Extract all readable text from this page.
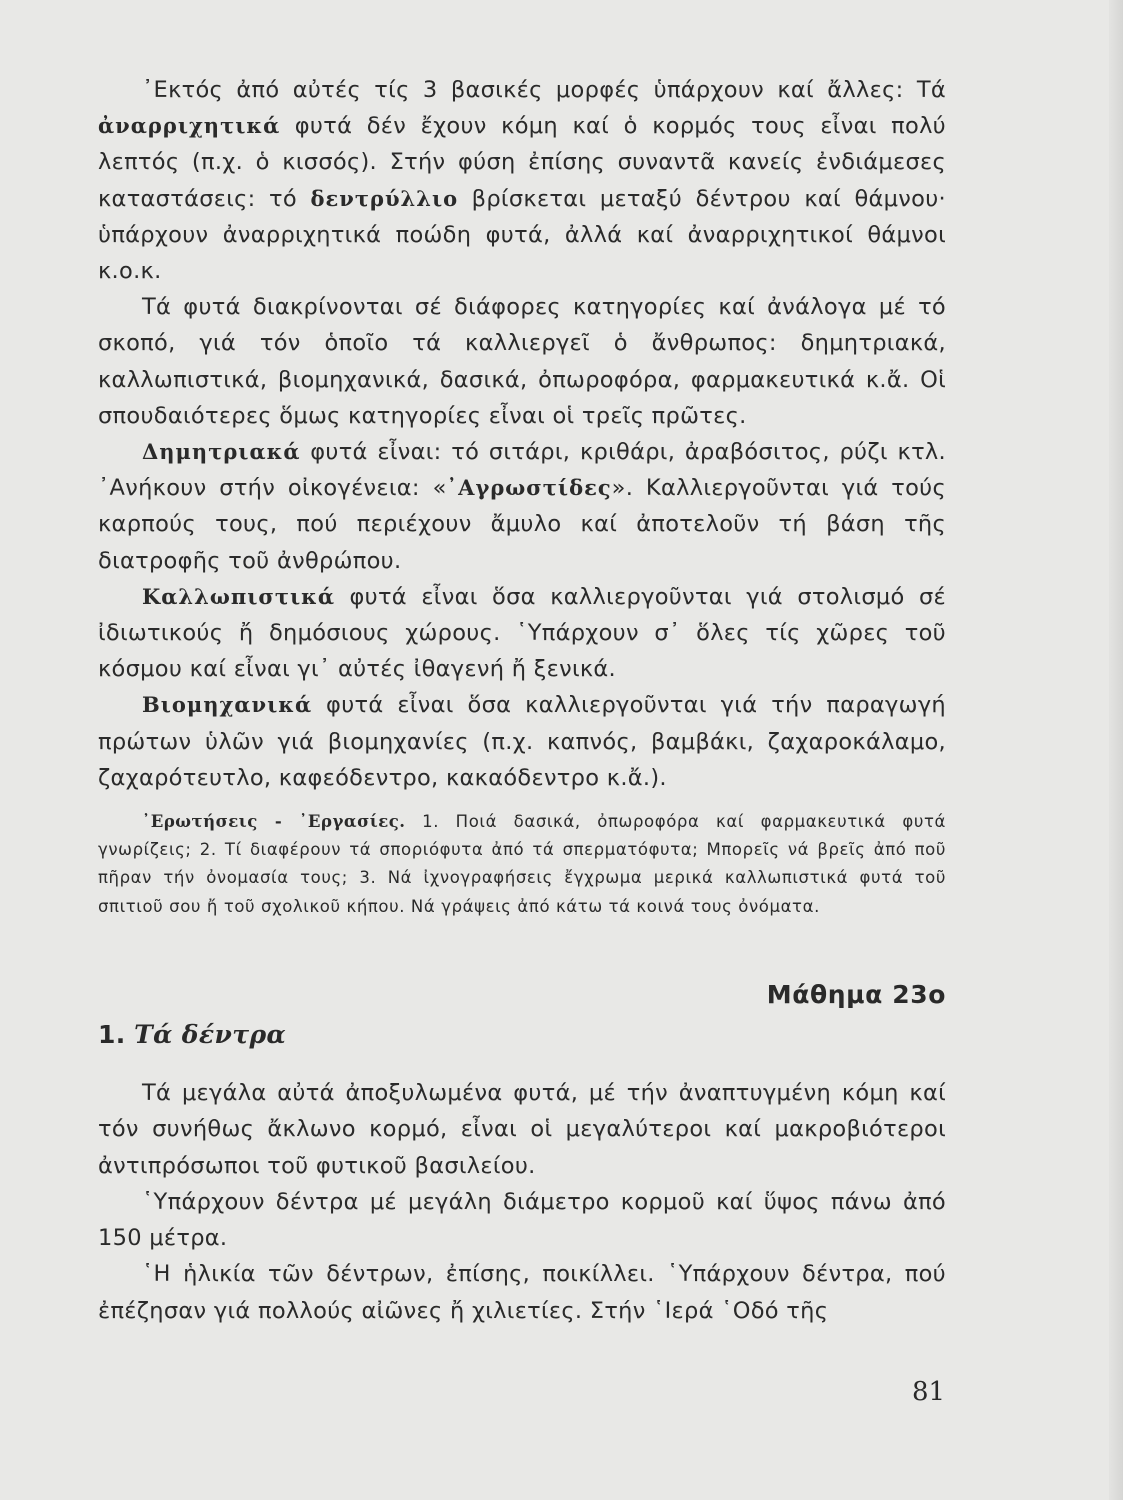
᾿Εκτός ἀπό αὐτές τίς 3 βασικές μορφές ὑπάρχουν καί ἄλλες: Τά ἀναρριχητικά φυτά δέν ἔχουν κόμη καί ὁ κορμός τους εἶναι πολύ λεπτός (π.χ. ὁ κισσός). Στήν φύση ἐπίσης συναντᾶ κανείς ἐνδιάμεσες καταστάσεις: τό δεντρύλλιο βρίσκεται μεταξύ δέντρου καί θάμνου· ὑπάρχουν ἀναρριχητικά ποώδη φυτά, ἀλλά καί ἀναρριχητικοί θάμνοι κ.ο.κ.

Τά φυτά διακρίνονται σέ διάφορες κατηγορίες καί ἀνάλογα μέ τό σκοπό, γιά τόν ὁποῖο τά καλλιεργεῖ ὁ ἄνθρωπος: δημητριακά, καλλωπιστικά, βιομηχανικά, δασικά, ὀπωροφόρα, φαρμακευτικά κ.ἄ. Οἱ σπουδαιότερες ὅμως κατηγορίες εἶναι οἱ τρεῖς πρῶτες.

Δημητριακά φυτά εἶναι: τό σιτάρι, κριθάρι, ἀραβόσιτος, ρύζι κτλ. ᾿Ανήκουν στήν οἰκογένεια: «᾿Αγρωστίδες». Καλλιεργοῦνται γιά τούς καρπούς τους, πού περιέχουν ἄμυλο καί ἀποτελοῦν τή βάση τῆς διατροφῆς τοῦ ἀνθρώπου.

Καλλωπιστικά φυτά εἶναι ὅσα καλλιεργοῦνται γιά στολισμό σέ ἰδιωτικούς ἤ δημόσιους χώρους. ῾Υπάρχουν σ᾿ ὅλες τίς χῶρες τοῦ κόσμου καί εἶναι γι᾿ αὐτές ἰθαγενή ἤ ξενικά.

Βιομηχανικά φυτά εἶναι ὅσα καλλιεργοῦνται γιά τήν παραγωγή πρώτων ὑλῶν γιά βιομηχανίες (π.χ. καπνός, βαμβάκι, ζαχαροκάλαμο, ζαχαρότευτλο, καφεόδεντρο, κακαόδεντρο κ.ἄ.).

᾿Ερωτήσεις - ᾿Εργασίες. 1. Ποιά δασικά, ὀπωροφόρα καί φαρμακευτικά φυτά γνωρίζεις; 2. Τί διαφέρουν τά σποριόφυτα ἀπό τά σπερματόφυτα; Μπορεῖς νά βρεῖς ἀπό ποῦ πῆραν τήν ὀνομασία τους; 3. Νά ἰχνογραφήσεις ἔγχρωμα μερικά καλλωπιστικά φυτά τοῦ σπιτιοῦ σου ἤ τοῦ σχολικοῦ κήπου. Νά γράψεις ἀπό κάτω τά κοινά τους ὀνόματα.

Μάθημα 23ο

1. Τά δέντρα

Τά μεγάλα αὐτά ἀποξυλωμένα φυτά, μέ τήν ἀναπτυγμένη κόμη καί τόν συνήθως ἄκλωνο κορμό, εἶναι οἱ μεγαλύτεροι καί μακροβιότεροι ἀντιπρόσωποι τοῦ φυτικοῦ βασιλείου.

῾Υπάρχουν δέντρα μέ μεγάλη διάμετρο κορμοῦ καί ὕψος πάνω ἀπό 150 μέτρα.

῾Η ἡλικία τῶν δέντρων, ἐπίσης, ποικίλλει. ῾Υπάρχουν δέντρα, πού ἐπέζησαν γιά πολλούς αἰῶνες ἤ χιλιετίες. Στήν ῾Ιερά ῾Οδό τῆς

81
